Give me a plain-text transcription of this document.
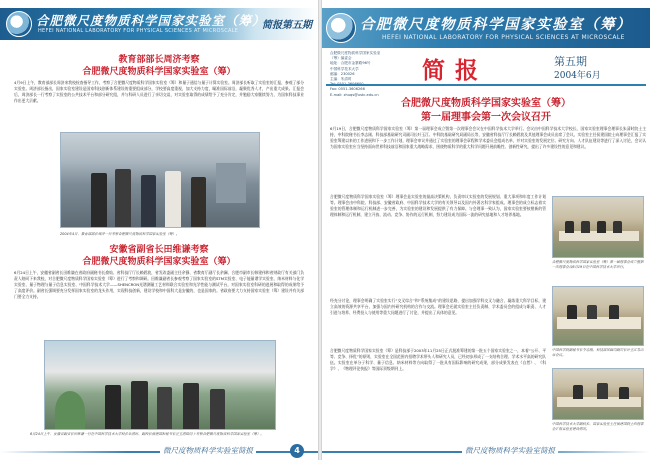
合肥微尺度物质科学国家实验室（筹）
HEFEI NATIONAL LABORATORY FOR PHYSICAL SCIENCES AT MICROSCALE 简报第五期
教育部部长周济考察
合肥微尺度物质科学国家实验室（筹）
4月9日上午，教育部部长周济来我校检查指导工作，考察了合肥微尺度物质科学国家实验室（筹）和量子通信与量子计算实验室。周济部长听取了实验室的汇报，参观了部分实验室。周济部长指出，国家实验室建设是国家科技创新体系建设的重要组成部分，学校要高度重视，加大支持力度，瞄准国际前沿，凝聚优秀人才，产出重大成果。汇报会后，周济部长一行考察了实验室的公共技术平台和部分研究组，并与科研人员进行了亲切交谈，对实验室取得的成绩给予了充分肯定，并勉励大家继续努力，为国家科技事业作出更大贡献。
2004年4月，教育部部长周济一行考察合肥微尺度物质科学国家实验室（筹）。
安徽省副省长田维谦考察
合肥微尺度物质科学国家实验室（筹）
6月24日上午，安徽省副省长田维谦在省政府副秘书长俞灿、省科技厅厅长赖碧波，省发改委副主任余静、省教育厅副厅长余澜、合肥市副市长韩建伟和省财政厅有关部门负责人陪同下来我校，对合肥微尺度物质科学国家实验室（筹）进行了考察和调研。田维谦副省长参观考察了国家实验室的STM实验室、电子能量谱学实验室、纳米材料与化学实验室、量子物理与量子信息实验室、中国科学技术大学——SHENCRON光谱测量工艺材料联合实验室和光学性能与测试平台，对国家实验室科研的进展和取得的成果给予了高度评价。副省长强调要充分发挥国家实验室的龙头作用，实现科技创新，建设学校和中国科大是安徽的，也是国家的。省政府要大力支持国家实验室（筹）建设并有关部门要全力支持。
6月24日上午，安徽省副省长田维谦一行在中国科学技术大学校长朱清时、副校长侯建国和秘书长汪玉清陪同下考察合肥微尺度物质科学国家实验室（筹）。
微尺度物质科学实验室简报	4
合肥微尺度物质科学国家实验室（筹）
HEFEI NATIONAL LABORATORY FOR PHYSICAL SCIENCES AT MICROSCALE
合肥微尺度物质科学国家实验室
（筹）编委会
地址：合肥市金寨路96号
中国科学技术大学
邮编：230026
主编：朱清时
Fax: 0551-3606266
E-mail: zhuqs@ustc.edu.cn
简报	第五期
2004年6月
合肥微尺度物质科学国家实验室（筹）
第一届理事会第一次会议召开
6月19日，合肥微尺度物质科学国家实验室（筹）第一届理事会成立暨第一次理事会会议在中国科学技术大学举行。会议由中国科学技术大学校长、国家实验室理事会理事长朱清时院士主持，中科院秘书长李志刚、科技部基础研究司副司长叶玉江、中科院基础研究局副局长等，安徽省科技厅厅长赖碧波及其他理事会成员出席了会议。实验室主任侯建国院士向理事会汇报了实验室筹建以来的工作进展和下一步工作计划，理事会审议并通过了实验室的理事会章程和学术委员会组成名单，并对实验室的发展定位、研究方向、人才队伍建设等进行了深入讨论，会议认为国家实验室应当坚持面向世界科技前沿和国家重大战略需求，围绕物质科学的重大科学问题开展前瞻性、创新性研究，提出了许多建设性的意见和建议。
合肥微尺度物质科学国家实验室（筹）理事会是实验室的最高决策机构，负责审议实验室的发展规划、重大事项和年度工作计划等。理事会由中科院、科技部、安徽省政府、中国科学技术大学的有关领导以及国内外著名科学家组成。理事会的成立标志着实验室的管理体制和运行机制进一步完善，为实验室的建设和发展提供了有力保障。与会理事一致认为，国家实验室要按照新的管理体制和运行机制，建立开放、流动、竞争、协作的运行机制，努力建设成为国际一流的研究基地和人才培养基地。
经充分讨论，理事会明确了实验室实行“交叉综合”和“系统集成”的建设思路，提出加强学科交叉与融合，凝练重大科学目标，建立高效的资源共享平台，加强与国内外研究机构的合作与交流。理事会还就实验室主任负责制、学术委员会的组成与职责、人才引进与培养、经费投入与使用等重大问题进行了讨论，并提出了具体的意见。
合肥微尺度物质科学国家实验室（筹）是科技部于2003年11月25日正式批准筹建的第一批五个国家实验室之一，本着“公开、平等、竞争、择优”的原则，实验室在全国范围内招聘学术带头人和研究人员，已经初步形成了一支结构合理、学术水平高的研究队伍。实验室在单分子科学、量子信息、纳米材料等方向取得了一批具有国际影响的研究成果，部分成果发表在《自然》、《科学》、《物理评论快报》等国际顶级期刊上。
合肥微尺度物质科学国家实验室（筹）第一届理事会成立暨第一次理事会议6月19日在中国科学技术大学举行。
中国科学院副秘书长李志刚、科技部基础司副司长叶玉江等出席会议。
中国科学技术大学副校长、国家实验室主任侯建国院士向理事会汇报实验室建设情况。
微尺度物质科学实验室简报
